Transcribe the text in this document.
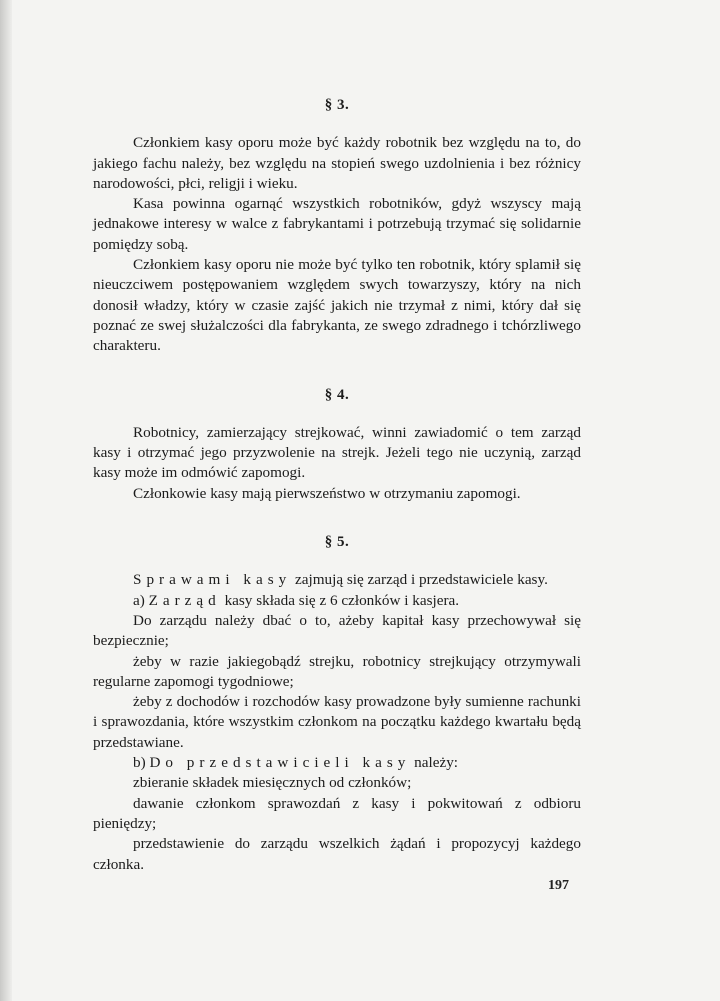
§ 3.

Członkiem kasy oporu może być każdy robotnik bez względu na to, do jakiego fachu należy, bez względu na stopień swego uzdolnienia i bez różnicy narodowości, płci, religji i wieku.

Kasa powinna ogarnąć wszystkich robotników, gdyż wszyscy mają jednakowe interesy w walce z fabrykantami i potrzebują trzymać się solidarnie pomiędzy sobą.

Członkiem kasy oporu nie może być tylko ten robotnik, który splamił się nieuczciwem postępowaniem względem swych towarzyszy, który na nich donosił władzy, który w czasie zajść jakich nie trzymał z nimi, który dał się poznać ze swej służalczości dla fabrykanta, ze swego zdradnego i tchórzliwego charakteru.

§ 4.

Robotnicy, zamierzający strejkować, winni zawiadomić o tem zarząd kasy i otrzymać jego przyzwolenie na strejk. Jeżeli tego nie uczynią, zarząd kasy może im odmówić zapomogi.

Członkowie kasy mają pierwszeństwo w otrzymaniu zapomogi.

§ 5.

Sprawami kasy zajmują się zarząd i przedstawiciele kasy.

a) Zarząd kasy składa się z 6 członków i kasjera.

Do zarządu należy dbać o to, ażeby kapitał kasy przechowywał się bezpiecznie;

żeby w razie jakiegobądź strejku, robotnicy strejkujący otrzymywali regularne zapomogi tygodniowe;

żeby z dochodów i rozchodów kasy prowadzone były sumienne rachunki i sprawozdania, które wszystkim członkom na początku każdego kwartału będą przedstawiane.

b) Do przedstawicieli kasy należy:

zbieranie składek miesięcznych od członków;

dawanie członkom sprawozdań z kasy i pokwitowań z odbioru pieniędzy;

przedstawienie do zarządu wszelkich żądań i propozycyj każdego członka.

197
